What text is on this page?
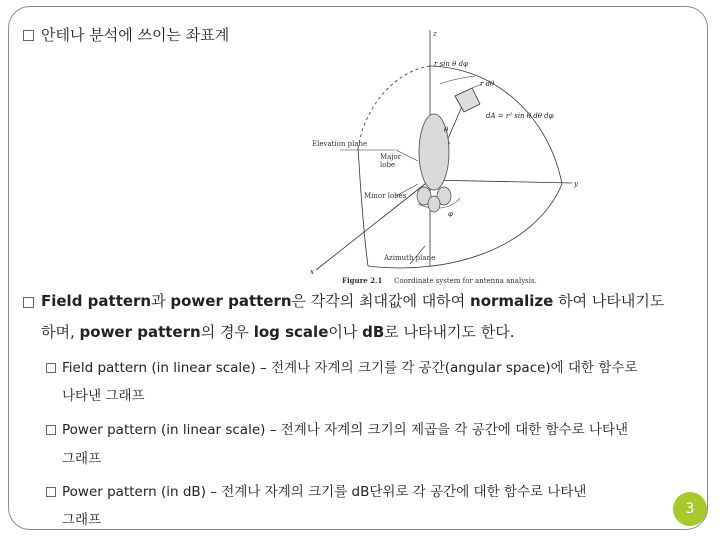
안테나 분석에 쓰이는 좌표계	z
y
x
r sin θ dφ
r dθ
dA = r² sin θ dθ dφ
θ
φ
Elevation plane
Major
lobe
Minor lobes
Azimuth plane
Figure 2.1 Coordinate system for antenna analysis.
Field pattern과 power pattern은 각각의 최대값에 대하여 normalize 하여 나타내기도
하며, power pattern의 경우 log scale이나 dB로 나타내기도 한다.
Field pattern (in linear scale) – 전계나 자계의 크기를 각 공간(angular space)에 대한 함수로
나타낸 그래프
Power pattern (in linear scale) – 전계나 자계의 크기의 제곱을 각 공간에 대한 함수로 나타낸
그래프
Power pattern (in dB) – 전계나 자계의 크기를 dB단위로 각 공간에 대한 함수로 나타낸
그래프
3
